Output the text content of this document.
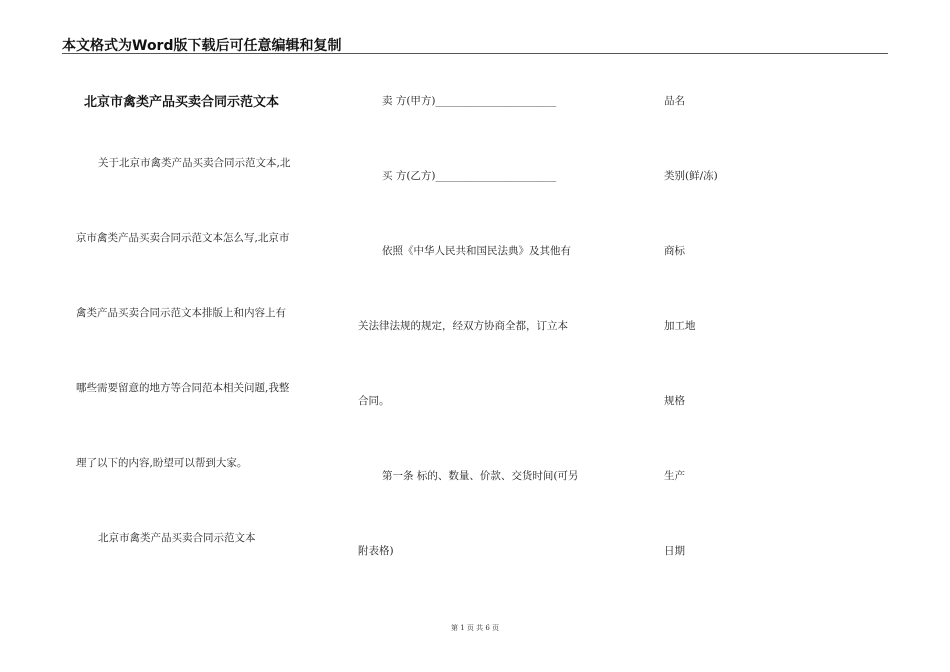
本文格式为Word版下载后可任意编辑和复制
北京市禽类产品买卖合同示范文本
关于北京市禽类产品买卖合同示范文本,北
京市禽类产品买卖合同示范文本怎么写,北京市
禽类产品买卖合同示范文本排版上和内容上有
哪些需要留意的地方等合同范本相关问题,我整
理了以下的内容,盼望可以帮到大家。
北京市禽类产品买卖合同示范文本
卖 方(甲方)_______________________
买 方(乙方)_______________________
依照《中华人民共和国民法典》及其他有
关法律法规的规定，经双方协商全都，订立本
合同。
第一条 标的、数量、价款、交货时间(可另
附表格)
品名
类别(鲜/冻)
商标
加工地
规格
生产
日期
第 1 页 共 6 页
